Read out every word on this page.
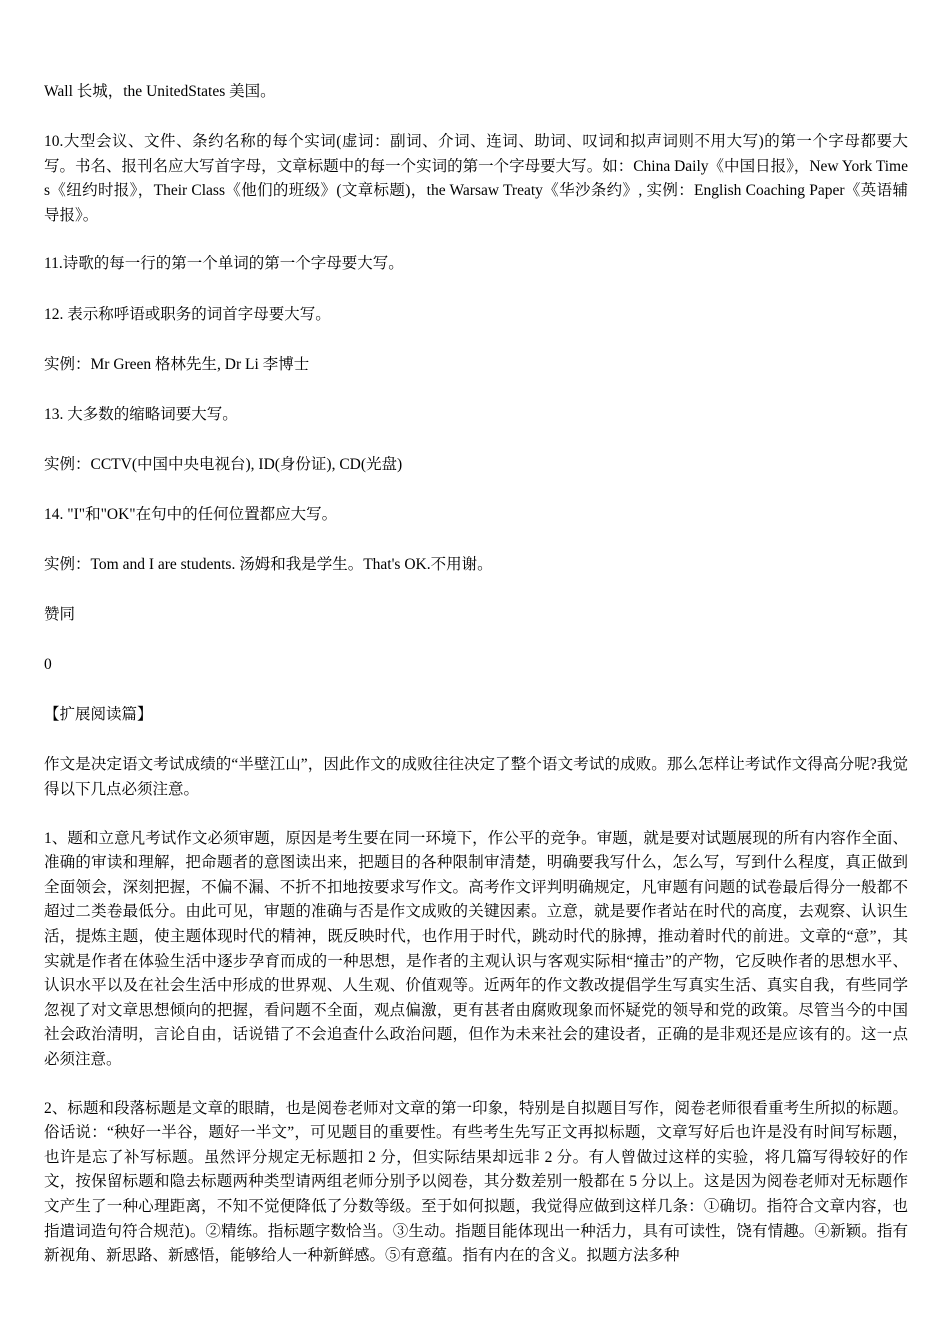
Wall 长城，the UnitedStates 美国。

10.大型会议、文件、条约名称的每个实词(虚词：副词、介词、连词、助词、叹词和拟声词则不用大写)的第一个字母都要大写。书名、报刊名应大写首字母，文章标题中的每一个实词的第一个字母要大写。如：China Daily《中国日报》，New York Times《纽约时报》，Their Class《他们的班级》(文章标题)，the Warsaw Treaty《华沙条约》, 实例：English Coaching Paper《英语辅导报》。

11.诗歌的每一行的第一个单词的第一个字母要大写。

12. 表示称呼语或职务的词首字母要大写。

实例：Mr Green 格林先生, Dr Li 李博士

13. 大多数的缩略词要大写。

实例：CCTV(中国中央电视台), ID(身份证), CD(光盘)

14. "I"和"OK"在句中的任何位置都应大写。

实例：Tom and I are students. 汤姆和我是学生。That's OK.不用谢。

赞同

0

【扩展阅读篇】

作文是决定语文考试成绩的“半壁江山”，因此作文的成败往往决定了整个语文考试的成败。那么怎样让考试作文得高分呢?我觉得以下几点必须注意。

1、题和立意凡考试作文必须审题，原因是考生要在同一环境下，作公平的竞争。审题，就是要对试题展现的所有内容作全面、准确的审读和理解，把命题者的意图读出来，把题目的各种限制审清楚，明确要我写什么，怎么写，写到什么程度，真正做到全面领会，深刻把握，不偏不漏、不折不扣地按要求写作文。高考作文评判明确规定，凡审题有问题的试卷最后得分一般都不超过二类卷最低分。由此可见，审题的准确与否是作文成败的关键因素。立意，就是要作者站在时代的高度，去观察、认识生活，提炼主题，使主题体现时代的精神，既反映时代，也作用于时代，跳动时代的脉搏，推动着时代的前进。文章的“意”，其实就是作者在体验生活中逐步孕育而成的一种思想，是作者的主观认识与客观实际相“撞击”的产物，它反映作者的思想水平、认识水平以及在社会生活中形成的世界观、人生观、价值观等。近两年的作文教改提倡学生写真实生活、真实自我，有些同学忽视了对文章思想倾向的把握，看问题不全面，观点偏激，更有甚者由腐败现象而怀疑党的领导和党的政策。尽管当今的中国社会政治清明，言论自由，话说错了不会追查什么政治问题，但作为未来社会的建设者，正确的是非观还是应该有的。这一点必须注意。

2、标题和段落标题是文章的眼睛，也是阅卷老师对文章的第一印象，特别是自拟题目写作，阅卷老师很看重考生所拟的标题。俗话说：“秧好一半谷，题好一半文”，可见题目的重要性。有些考生先写正文再拟标题，文章写好后也许是没有时间写标题，也许是忘了补写标题。虽然评分规定无标题扣 2 分，但实际结果却远非 2 分。有人曾做过这样的实验，将几篇写得较好的作文，按保留标题和隐去标题两种类型请两组老师分别予以阅卷，其分数差别一般都在 5 分以上。这是因为阅卷老师对无标题作文产生了一种心理距离，不知不觉便降低了分数等级。至于如何拟题，我觉得应做到这样几条：①确切。指符合文章内容，也指遣词造句符合规范)。②精练。指标题字数恰当。③生动。指题目能体现出一种活力，具有可读性，饶有情趣。④新颖。指有新视角、新思路、新感悟，能够给人一种新鲜感。⑤有意蕴。指有内在的含义。拟题方法多种
